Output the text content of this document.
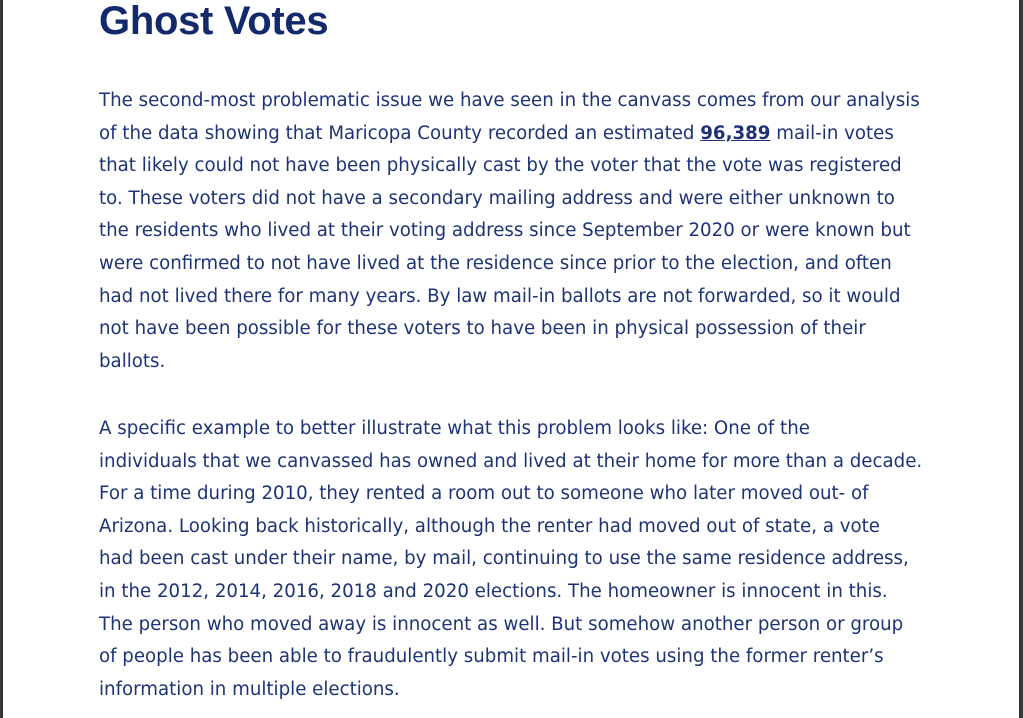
Ghost Votes

The second-most problematic issue we have seen in the canvass comes from our analysis
of the data showing that Maricopa County recorded an estimated 96,389 mail-in votes
that likely could not have been physically cast by the voter that the vote was registered
to. These voters did not have a secondary mailing address and were either unknown to
the residents who lived at their voting address since September 2020 or were known but
were confirmed to not have lived at the residence since prior to the election, and often
had not lived there for many years. By law mail-in ballots are not forwarded, so it would
not have been possible for these voters to have been in physical possession of their
ballots.

A specific example to better illustrate what this problem looks like: One of the
individuals that we canvassed has owned and lived at their home for more than a decade.
For a time during 2010, they rented a room out to someone who later moved out- of
Arizona. Looking back historically, although the renter had moved out of state, a vote
had been cast under their name, by mail, continuing to use the same residence address,
in the 2012, 2014, 2016, 2018 and 2020 elections. The homeowner is innocent in this.
The person who moved away is innocent as well. But somehow another person or group
of people has been able to fraudulently submit mail-in votes using the former renter’s
information in multiple elections.
